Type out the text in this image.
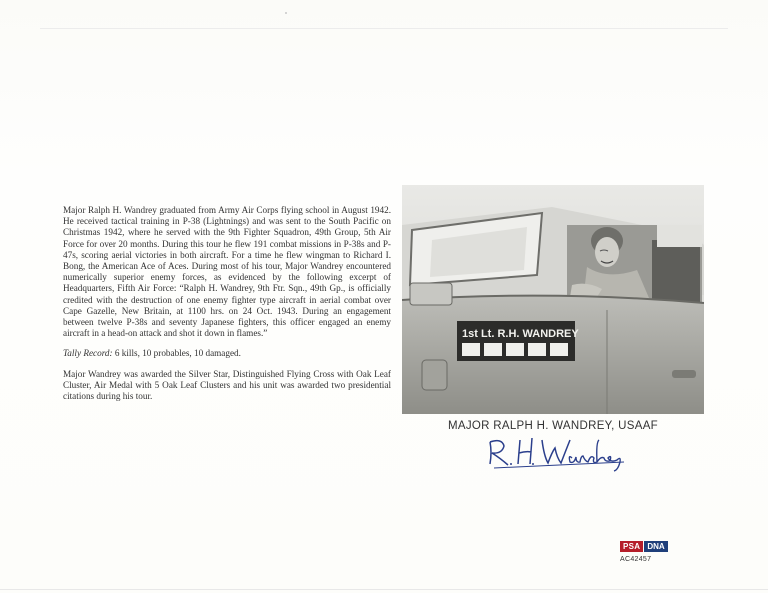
Major Ralph H. Wandrey graduated from Army Air Corps flying school in August 1942. He received tactical training in P-38 (Lightnings) and was sent to the South Pacific on Christmas 1942, where he served with the 9th Fighter Squadron, 49th Group, 5th Air Force for over 20 months. During this tour he flew 191 combat missions in P-38s and P-47s, scoring aerial victories in both aircraft. For a time he flew wingman to Richard I. Bong, the American Ace of Aces. During most of his tour, Major Wandrey encountered numerically superior enemy forces, as evidenced by the following excerpt of Headquarters, Fifth Air Force: “Ralph H. Wandrey, 9th Ftr. Sqn., 49th Gp., is officially credited with the destruction of one enemy fighter type aircraft in aerial combat over Cape Gazelle, New Britain, at 1100 hrs. on 24 Oct. 1943. During an engagement between twelve P-38s and seventy Japanese fighters, this officer engaged an enemy aircraft in a head-on attack and shot it down in flames.”

Tally Record: 6 kills, 10 probables, 10 damaged.

Major Wandrey was awarded the Silver Star, Distinguished Flying Cross with Oak Leaf Cluster, Air Medal with 5 Oak Leaf Clusters and his unit was awarded two presidential citations during his tour.

1st Lt. R.H. WANDREY
MAJOR RALPH H. WANDREY, USAAF
PSA DNA
AC42457
